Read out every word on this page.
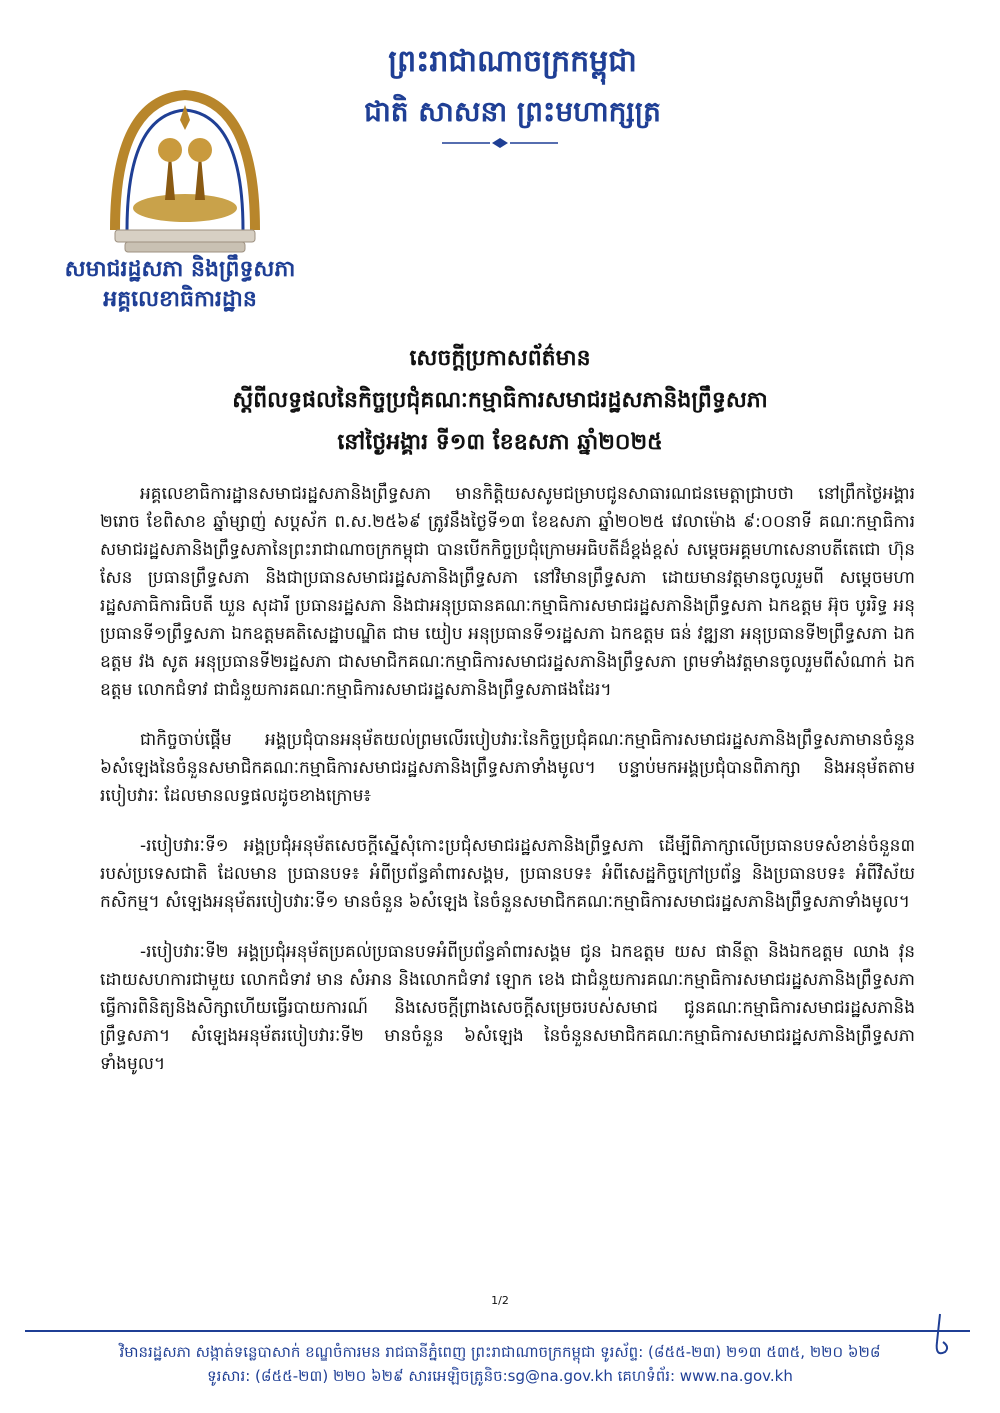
ព្រះរាជាណាចក្រកម្ពុជា
ជាតិ សាសនា ព្រះមហាក្សត្រ
សមាជរដ្ឋសភា និងព្រឹទ្ធសភា
អគ្គលេខាធិការដ្ឋាន
សេចក្តីប្រកាសព័ត៌មាន
ស្តីពីលទ្ធផលនៃកិច្ចប្រជុំគណៈកម្មាធិការសមាជរដ្ឋសភានិងព្រឹទ្ធសភា
នៅថ្ងៃអង្គារ ទី១៣ ខែឧសភា ឆ្នាំ២០២៥

អគ្គលេខាធិការដ្ឋានសមាជរដ្ឋសភានិងព្រឹទ្ធសភា មានកិត្តិយសសូមជម្រាបជូនសាធារណជនមេត្តាជ្រាបថា នៅព្រឹកថ្ងៃអង្គារ ២រោច ខែពិសាខ ឆ្នាំម្សាញ់ សប្តស័ក ព.ស.២៥៦៩ ត្រូវនឹងថ្ងៃទី១៣ ខែឧសភា ឆ្នាំ២០២៥ វេលាម៉ោង ៩:០០នាទី គណៈកម្មាធិការសមាជរដ្ឋសភានិងព្រឹទ្ធសភានៃព្រះរាជាណាចក្រកម្ពុជា បានបើកកិច្ចប្រជុំក្រោមអធិបតីដ៏ខ្ពង់ខ្ពស់ សម្តេចអគ្គមហាសេនាបតីតេជោ ហ៊ុន សែន ប្រធានព្រឹទ្ធសភា និងជាប្រធានសមាជរដ្ឋសភានិងព្រឹទ្ធសភា នៅវិមានព្រឹទ្ធសភា ដោយមានវត្តមានចូលរួមពី សម្តេចមហារដ្ឋសភាធិការធិបតី ឃួន សុដារី ប្រធានរដ្ឋសភា និងជាអនុប្រធានគណៈកម្មាធិការសមាជរដ្ឋសភានិងព្រឹទ្ធសភា ឯកឧត្តម អ៊ុច បូររិទ្ធ អនុប្រធានទី១ព្រឹទ្ធសភា ឯកឧត្តមគតិសេដ្ឋាបណ្ឌិត ជាម យៀប អនុប្រធានទី១រដ្ឋសភា ឯកឧត្តម ធន់ វឌ្ឍនា អនុប្រធានទី២ព្រឹទ្ធសភា ឯកឧត្តម វង សូត អនុប្រធានទី២រដ្ឋសភា ជាសមាជិកគណៈកម្មាធិការសមាជរដ្ឋសភានិងព្រឹទ្ធសភា ព្រមទាំងវត្តមានចូលរួមពីសំណាក់ ឯកឧត្តម លោកជំទាវ ជាជំនួយការគណៈកម្មាធិការសមាជរដ្ឋសភានិងព្រឹទ្ធសភាផងដែរ។

ជាកិច្ចចាប់ផ្តើម អង្គប្រជុំបានអនុម័តយល់ព្រមលើរបៀបវារៈនៃកិច្ចប្រជុំគណៈកម្មាធិការសមាជរដ្ឋសភានិងព្រឹទ្ធសភាមានចំនួន ៦សំឡេងនៃចំនួនសមាជិកគណៈកម្មាធិការសមាជរដ្ឋសភានិងព្រឹទ្ធសភាទាំងមូល។ បន្ទាប់មកអង្គប្រជុំបានពិភាក្សា និងអនុម័តតាមរបៀបវារៈ ដែលមានលទ្ធផលដូចខាងក្រោម៖

-របៀបវារៈទី១ អង្គប្រជុំអនុម័តសេចក្តីស្នើសុំកោះប្រជុំសមាជរដ្ឋសភានិងព្រឹទ្ធសភា ដើម្បីពិភាក្សាលើប្រធានបទសំខាន់ចំនួន៣ របស់ប្រទេសជាតិ ដែលមាន ប្រធានបទ៖ អំពីប្រព័ន្ធគាំពារសង្គម, ប្រធានបទ៖ អំពីសេដ្ឋកិច្ចក្រៅប្រព័ន្ធ និងប្រធានបទ៖ អំពីវិស័យកសិកម្ម។ សំឡេងអនុម័តរបៀបវារៈទី១ មានចំនួន ៦សំឡេង នៃចំនួនសមាជិកគណៈកម្មាធិការសមាជរដ្ឋសភានិងព្រឹទ្ធសភាទាំងមូល។

-របៀបវារៈទី២ អង្គប្រជុំអនុម័តប្រគល់ប្រធានបទអំពីប្រព័ន្ធគាំពារសង្គម ជូន ឯកឧត្តម យស ផានីត្ថា និងឯកឧត្តម ឈាង វុន ដោយសហការជាមួយ លោកជំទាវ មាន សំអាន និងលោកជំទាវ ឡោក ខេង ជាជំនួយការគណៈកម្មាធិការសមាជរដ្ឋសភានិងព្រឹទ្ធសភាធ្វើការពិនិត្យនិងសិក្សាហើយធ្វើរបាយការណ៍ និងសេចក្តីព្រាងសេចក្តីសម្រេចរបស់សមាជ ជូនគណៈកម្មាធិការសមាជរដ្ឋសភានិងព្រឹទ្ធសភា។ សំឡេងអនុម័តរបៀបវារៈទី២ មានចំនួន ៦សំឡេង នៃចំនួនសមាជិកគណៈកម្មាធិការសមាជរដ្ឋសភានិងព្រឹទ្ធសភាទាំងមូល។

1/2
វិមានរដ្ឋសភា សង្កាត់ទន្លេបាសាក់ ខណ្ឌចំការមន រាជធានីភ្នំពេញ ព្រះរាជាណាចក្រកម្ពុជា ទូរស័ព្ទ: (៨៥៥-២៣) ២១៣ ៥៣៥, ២២០ ៦២៨
ទូរសារ: (៨៥៥-២៣) ២២០ ៦២៩ សារអេឡិចត្រូនិច:sg@na.gov.kh គេហទំព័រ: www.na.gov.kh
